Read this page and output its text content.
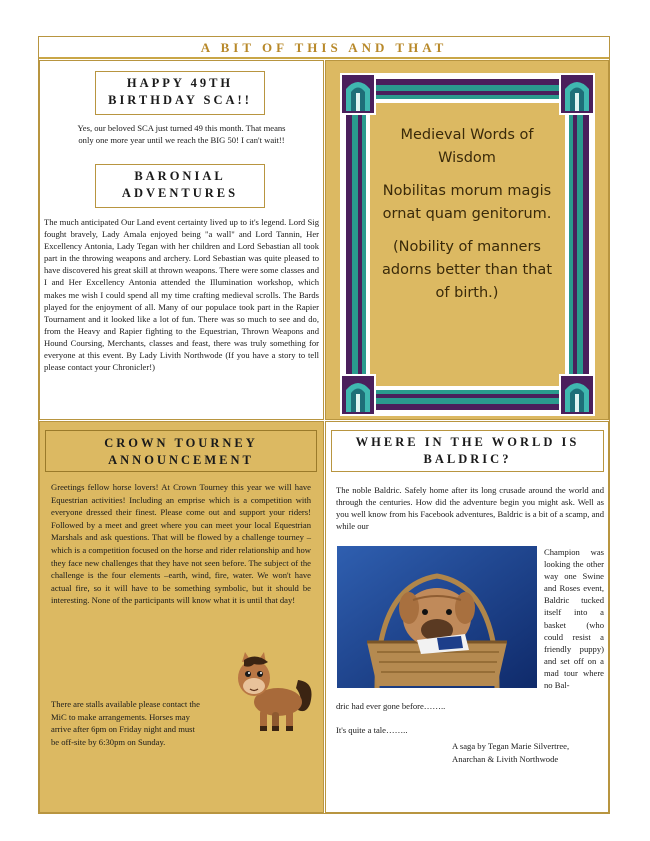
A BIT OF THIS AND THAT
HAPPY 49TH
BIRTHDAY SCA!!
Yes, our beloved SCA just turned 49 this month. That means
only one more year until we reach the BIG 50! I can't wait!!
BARONIAL
ADVENTURES
The much anticipated Our Land event certainty lived up to it's legend. Lord Sig fought bravely, Lady Amala enjoyed being "a wall" and Lord Tannin, Her Excellency Antonia, Lady Tegan with her children and Lord Sebastian all took part in the throwing weapons and archery. Lord Sebastian was quite pleased to have discovered his great skill at thrown weapons. There were some classes and I and Her Excellency Antonia attended the Illumination workshop, which makes me wish I could spend all my time crafting medieval scrolls. The Bards played for the enjoyment of all. Many of our populace took part in the Rapier Tournament and it looked like a lot of fun. There was so much to see and do, from the Heavy and Rapier fighting to the Equestrian, Thrown Weapons and Hound Coursing, Merchants, classes and feast, there was truly something for everyone at this event. By Lady Livith Northwode (If you have a story to tell please contact your Chronicler!)
Medieval Words of
Wisdom
Nobilitas morum magis
ornat quam genitorum.
(Nobility of manners
adorns better than that
of birth.)
CROWN TOURNEY
ANNOUNCEMENT
Greetings fellow horse lovers! At Crown Tourney this year we will have Equestrian activities! Including an emprise which is a competition with everyone dressed their finest. Please come out and support your riders! Followed by a meet and greet where you can meet your local Equestrian Marshals and ask questions. That will be flowed by a challenge tourney – which is a competition focused on the horse and rider relationship and how they face new challenges that they have not seen before. The subject of the challenge is the four elements –earth, wind, fire, water. We won't have actual fire, so it will have to be something symbolic, but it should be interesting. None of the participants will know what it is until that day!
There are stalls available please contact the
MiC to make arrangements. Horses may
arrive after 6pm on Friday night and must
be off-site by 6:30pm on Sunday.
WHERE IN THE WORLD IS
BALDRIC?
The noble Baldric. Safely home after its long crusade around the world and through the centuries. How did the adventure begin you might ask. Well as you well know from his Facebook adventures, Baldric is a bit of a scamp, and while our
Champion was looking the other way one Swine and Roses event, Baldric tucked itself into a basket (who could resist a friendly puppy) and set off on a mad tour where no Bal-
dric had ever gone before……..
It's quite a tale……..
A saga by Tegan Marie Silvertree,
Anarchan & Livith Northwode
